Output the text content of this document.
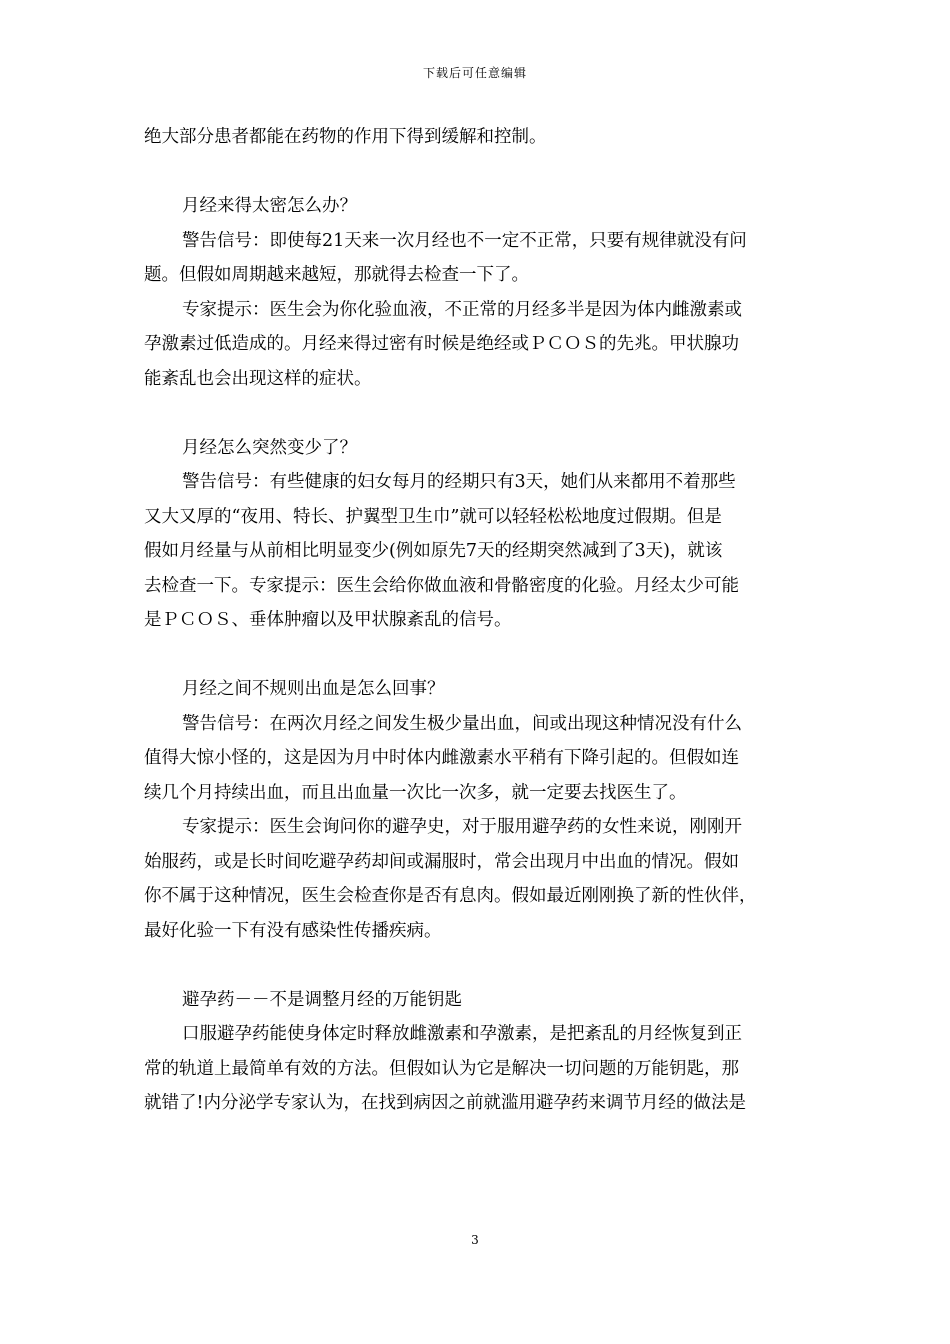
下载后可任意编辑

绝大部分患者都能在药物的作用下得到缓解和控制。

月经来得太密怎么办？

警告信号：即使每21天来一次月经也不一定不正常，只要有规律就没有问

题。但假如周期越来越短，那就得去检查一下了。

专家提示：医生会为你化验血液，不正常的月经多半是因为体内雌激素或

孕激素过低造成的。月经来得过密有时候是绝经或ＰＣＯＳ的先兆。甲状腺功

能紊乱也会出现这样的症状。

月经怎么突然变少了？

警告信号：有些健康的妇女每月的经期只有3天，她们从来都用不着那些

又大又厚的“夜用、特长、护翼型卫生巾”就可以轻轻松松地度过假期。但是

假如月经量与从前相比明显变少(例如原先7天的经期突然减到了3天)，就该

去检查一下。专家提示：医生会给你做血液和骨骼密度的化验。月经太少可能

是ＰＣＯＳ、垂体肿瘤以及甲状腺紊乱的信号。

月经之间不规则出血是怎么回事？

警告信号：在两次月经之间发生极少量出血，间或出现这种情况没有什么

值得大惊小怪的，这是因为月中时体内雌激素水平稍有下降引起的。但假如连

续几个月持续出血，而且出血量一次比一次多，就一定要去找医生了。

专家提示：医生会询问你的避孕史，对于服用避孕药的女性来说，刚刚开

始服药，或是长时间吃避孕药却间或漏服时，常会出现月中出血的情况。假如

你不属于这种情况，医生会检查你是否有息肉。假如最近刚刚换了新的性伙伴，

最好化验一下有没有感染性传播疾病。

避孕药－－不是调整月经的万能钥匙

口服避孕药能使身体定时释放雌激素和孕激素，是把紊乱的月经恢复到正

常的轨道上最简单有效的方法。但假如认为它是解决一切问题的万能钥匙，那

就错了!内分泌学专家认为，在找到病因之前就滥用避孕药来调节月经的做法是

3
